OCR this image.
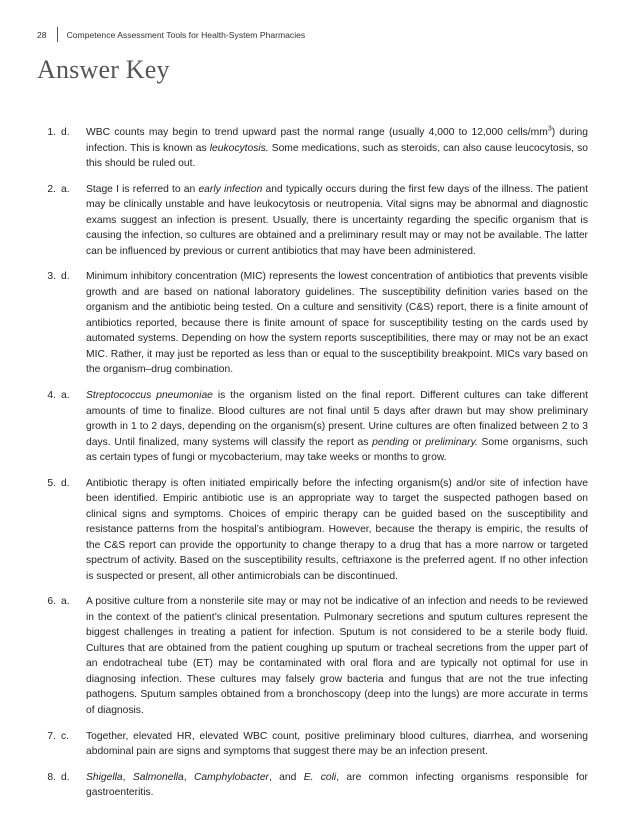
28 Competence Assessment Tools for Health-System Pharmacies
Answer Key
1. d.	WBC counts may begin to trend upward past the normal range (usually 4,000 to 12,000 cells/$mm^3$) during infection. This is known as leukocytosis. Some medications, such as steroids, can also cause leucocytosis, so this should be ruled out.
2. a.	Stage I is referred to an early infection and typically occurs during the first few days of the illness. The patient may be clinically unstable and have leukocytosis or neutropenia. Vital signs may be abnormal and diagnostic exams suggest an infection is present. Usually, there is uncertainty regarding the specific organism that is causing the infection, so cultures are obtained and a preliminary result may or may not be available. The latter can be influenced by previous or current antibiotics that may have been administered.
3. d.	Minimum inhibitory concentration (MIC) represents the lowest concentration of antibiotics that prevents visible growth and are based on national laboratory guidelines. The susceptibility definition varies based on the organism and the antibiotic being tested. On a culture and sensitivity (C&S) report, there is a finite amount of antibiotics reported, because there is finite amount of space for susceptibility testing on the cards used by automated systems. Depending on how the system reports susceptibilities, there may or may not be an exact MIC. Rather, it may just be reported as less than or equal to the susceptibility breakpoint. MICs vary based on the organism–drug combination.
4. a.	Streptococcus pneumoniae is the organism listed on the final report. Different cultures can take different amounts of time to finalize. Blood cultures are not final until 5 days after drawn but may show preliminary growth in 1 to 2 days, depending on the organism(s) present. Urine cultures are often finalized between 2 to 3 days. Until finalized, many systems will classify the report as pending or preliminary. Some organisms, such as certain types of fungi or mycobacterium, may take weeks or months to grow.
5. d.	Antibiotic therapy is often initiated empirically before the infecting organism(s) and/or site of infection have been identified. Empiric antibiotic use is an appropriate way to target the suspected pathogen based on clinical signs and symptoms. Choices of empiric therapy can be guided based on the susceptibility and resistance patterns from the hospital’s antibiogram. However, because the therapy is empiric, the results of the C&S report can provide the opportunity to change therapy to a drug that has a more narrow or targeted spectrum of activity. Based on the susceptibility results, ceftriaxone is the preferred agent. If no other infection is suspected or present, all other antimicrobials can be discontinued.
6. a.	A positive culture from a nonsterile site may or may not be indicative of an infection and needs to be reviewed in the context of the patient’s clinical presentation. Pulmonary secretions and sputum cultures represent the biggest challenges in treating a patient for infection. Sputum is not considered to be a sterile body fluid. Cultures that are obtained from the patient coughing up sputum or tracheal secretions from the upper part of an endotracheal tube (ET) may be contaminated with oral flora and are typically not optimal for use in diagnosing infection. These cultures may falsely grow bacteria and fungus that are not the true infecting pathogens. Sputum samples obtained from a bronchoscopy (deep into the lungs) are more accurate in terms of diagnosis.
7. c.	Together, elevated HR, elevated WBC count, positive preliminary blood cultures, diarrhea, and worsening abdominal pain are signs and symptoms that suggest there may be an infection present.
8. d.	Shigella, Salmonella, Camphylobacter, and E. coli, are common infecting organisms responsible for gastroenteritis.
